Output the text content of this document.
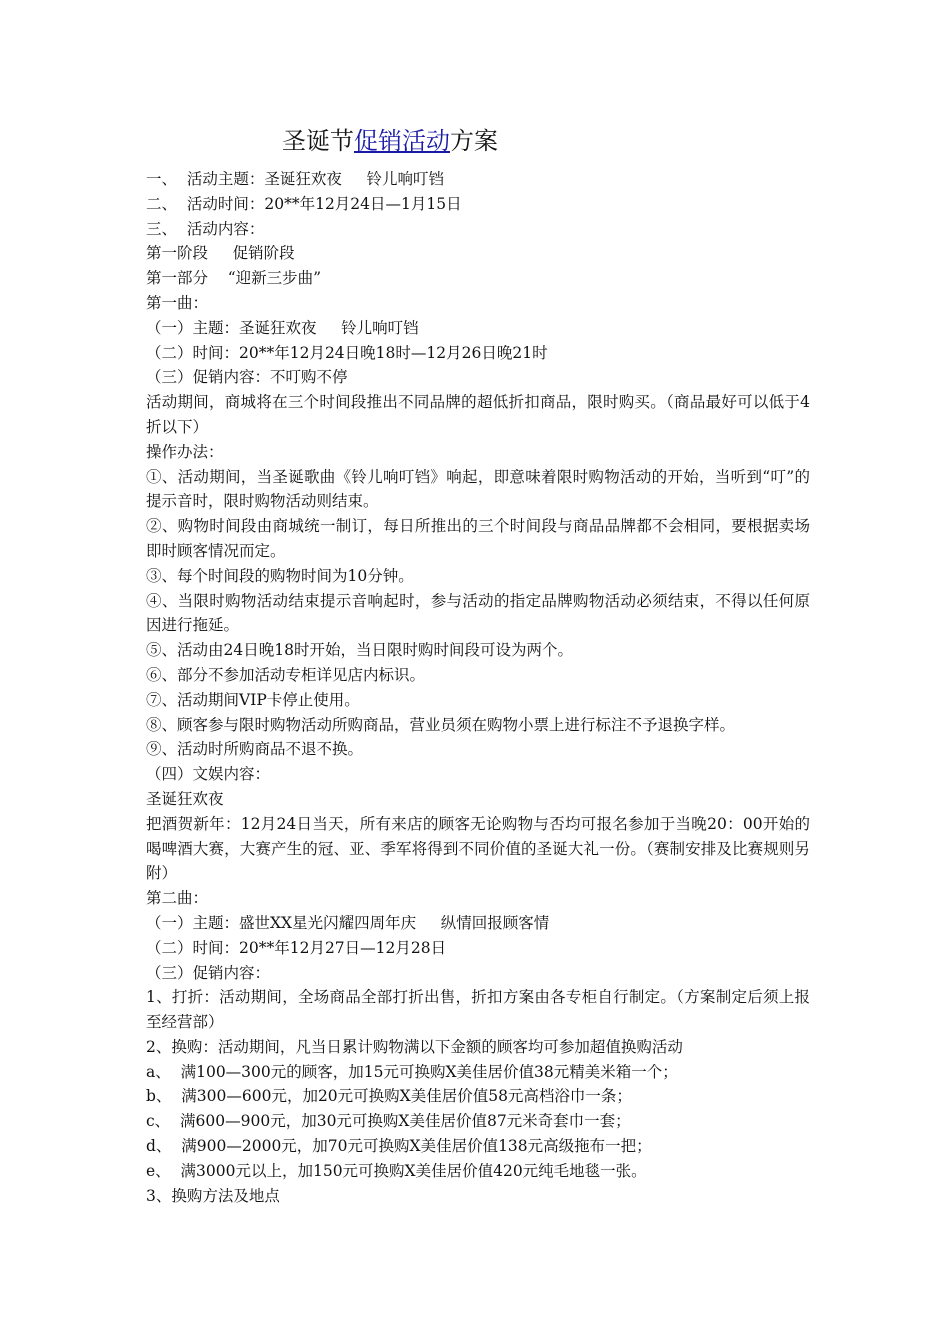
圣诞节促销活动方案

一、  活动主题：圣诞狂欢夜     铃儿响叮铛

二、  活动时间：20**年12月24日—1月15日

三、  活动内容：

第一阶段     促销阶段

第一部分    “迎新三步曲”

第一曲：

（一）主题：圣诞狂欢夜     铃儿响叮铛

（二）时间：20**年12月24日晚18时—12月26日晚21时

（三）促销内容：不叮购不停

活动期间，商城将在三个时间段推出不同品牌的超低折扣商品，限时购买。（商品最好可以低于4折以下）

操作办法：

①、活动期间，当圣诞歌曲《铃儿响叮铛》响起，即意味着限时购物活动的开始，当听到“叮”的提示音时，限时购物活动则结束。

②、购物时间段由商城统一制订，每日所推出的三个时间段与商品品牌都不会相同，要根据卖场即时顾客情况而定。

③、每个时间段的购物时间为10分钟。

④、当限时购物活动结束提示音响起时，参与活动的指定品牌购物活动必须结束，不得以任何原因进行拖延。

⑤、活动由24日晚18时开始，当日限时购时间段可设为两个。

⑥、部分不参加活动专柜详见店内标识。

⑦、活动期间VIP卡停止使用。

⑧、顾客参与限时购物活动所购商品，营业员须在购物小票上进行标注不予退换字样。

⑨、活动时所购商品不退不换。

（四）文娱内容：

圣诞狂欢夜

把酒贺新年：12月24日当天，所有来店的顾客无论购物与否均可报名参加于当晚20：00开始的喝啤酒大赛，大赛产生的冠、亚、季军将得到不同价值的圣诞大礼一份。（赛制安排及比赛规则另附）

第二曲：

（一）主题：盛世XX星光闪耀四周年庆     纵情回报顾客情

（二）时间：20**年12月27日—12月28日

（三）促销内容：

1、打折：活动期间，全场商品全部打折出售，折扣方案由各专柜自行制定。（方案制定后须上报至经营部）

2、换购：活动期间，凡当日累计购物满以下金额的顾客均可参加超值换购活动

a、  满100—300元的顾客，加15元可换购X美佳居价值38元精美米箱一个；

b、  满300—600元，加20元可换购X美佳居价值58元高档浴巾一条；

c、  满600—900元，加30元可换购X美佳居价值87元米奇套巾一套；

d、  满900—2000元，加70元可换购X美佳居价值138元高级拖布一把；

e、  满3000元以上，加150元可换购X美佳居价值420元纯毛地毯一张。

3、换购方法及地点
